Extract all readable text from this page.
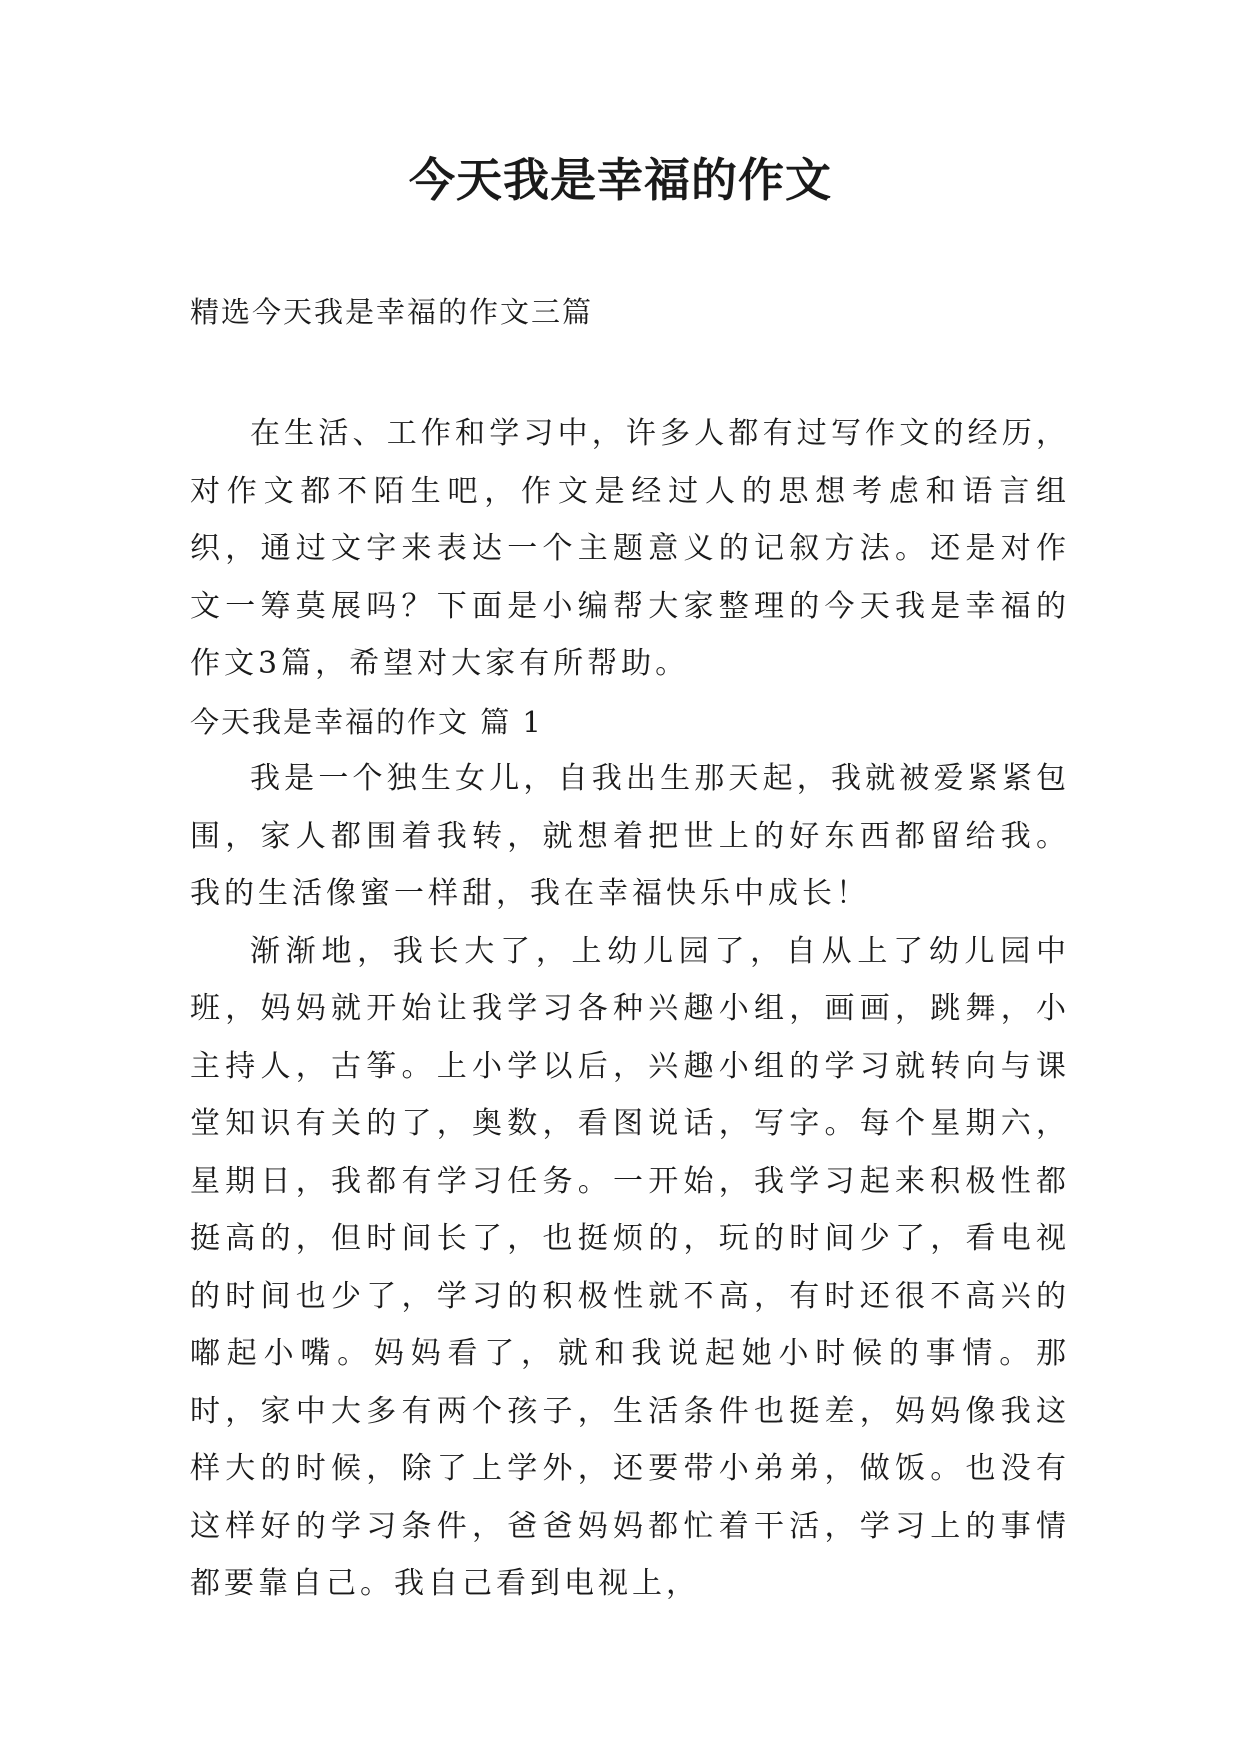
今天我是幸福的作文
精选今天我是幸福的作文三篇

在生活、工作和学习中，许多人都有过写作文的经历，对作文都不陌生吧，作文是经过人的思想考虑和语言组织，通过文字来表达一个主题意义的记叙方法。还是对作文一筹莫展吗？下面是小编帮大家整理的今天我是幸福的作文3篇，希望对大家有所帮助。

今天我是幸福的作文 篇 1

我是一个独生女儿，自我出生那天起，我就被爱紧紧包围，家人都围着我转，就想着把世上的好东西都留给我。我的生活像蜜一样甜，我在幸福快乐中成长！

渐渐地，我长大了，上幼儿园了，自从上了幼儿园中班，妈妈就开始让我学习各种兴趣小组，画画，跳舞，小主持人，古筝。上小学以后，兴趣小组的学习就转向与课堂知识有关的了，奥数，看图说话，写字。每个星期六，星期日，我都有学习任务。一开始，我学习起来积极性都挺高的，但时间长了，也挺烦的，玩的时间少了，看电视的时间也少了，学习的积极性就不高，有时还很不高兴的嘟起小嘴。妈妈看了，就和我说起她小时候的事情。那时，家中大多有两个孩子，生活条件也挺差，妈妈像我这样大的时候，除了上学外，还要带小弟弟，做饭。也没有这样好的学习条件，爸爸妈妈都忙着干活，学习上的事情都要靠自己。我自己看到电视上，
